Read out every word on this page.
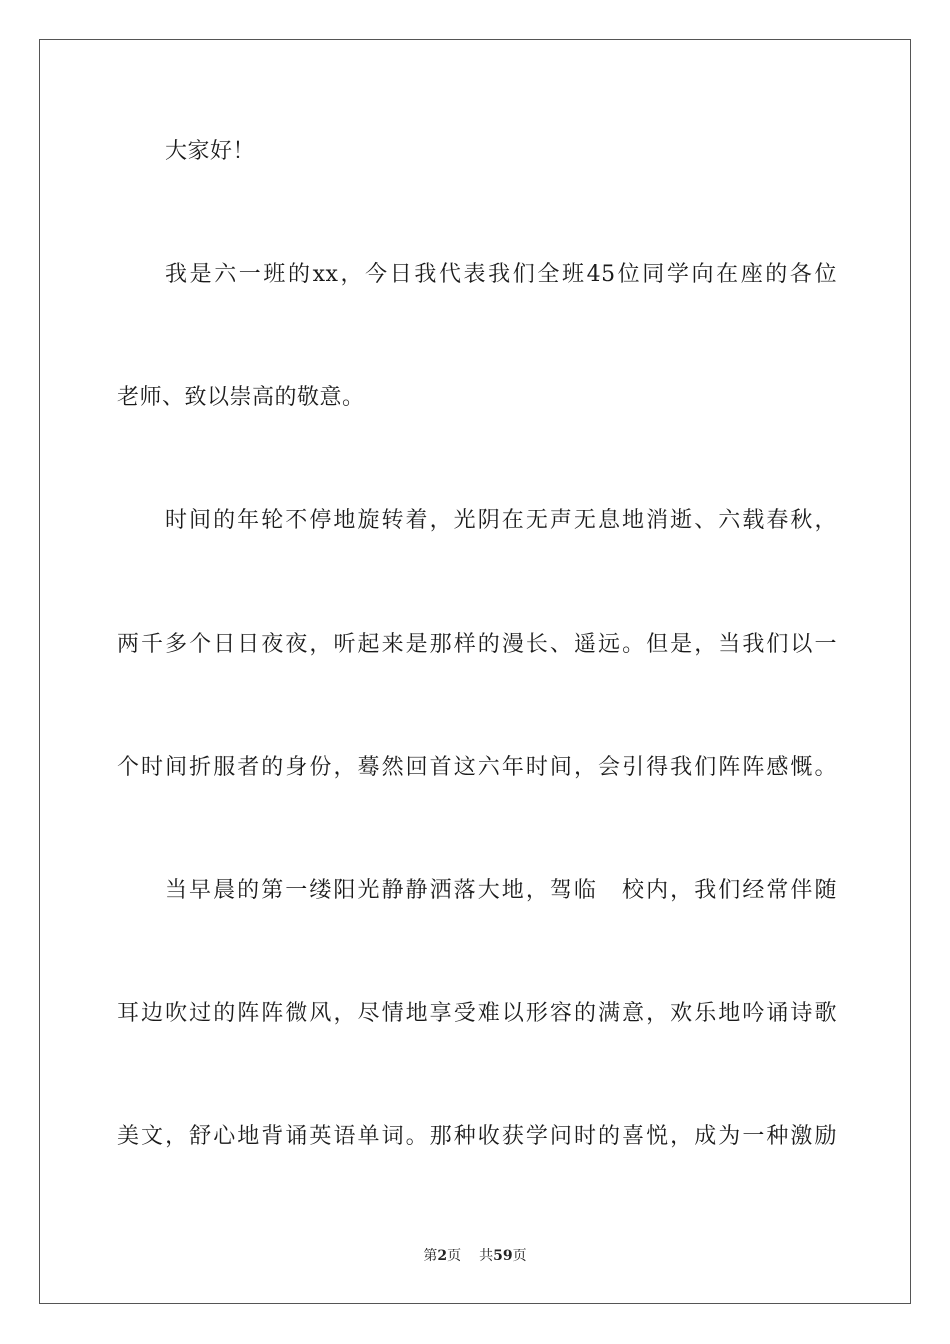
大家好！
我是六一班的xx，今日我代表我们全班45位同学向在座的各位
老师、致以崇高的敬意。
时间的年轮不停地旋转着，光阴在无声无息地消逝、六载春秋，
两千多个日日夜夜，听起来是那样的漫长、遥远。但是，当我们以一
个时间折服者的身份，蓦然回首这六年时间，会引得我们阵阵感慨。
当早晨的第一缕阳光静静洒落大地，驾临　校内，我们经常伴随
耳边吹过的阵阵微风，尽情地享受难以形容的满意，欢乐地吟诵诗歌
美文，舒心地背诵英语单词。那种收获学问时的喜悦，成为一种激励
第2页 共59页
